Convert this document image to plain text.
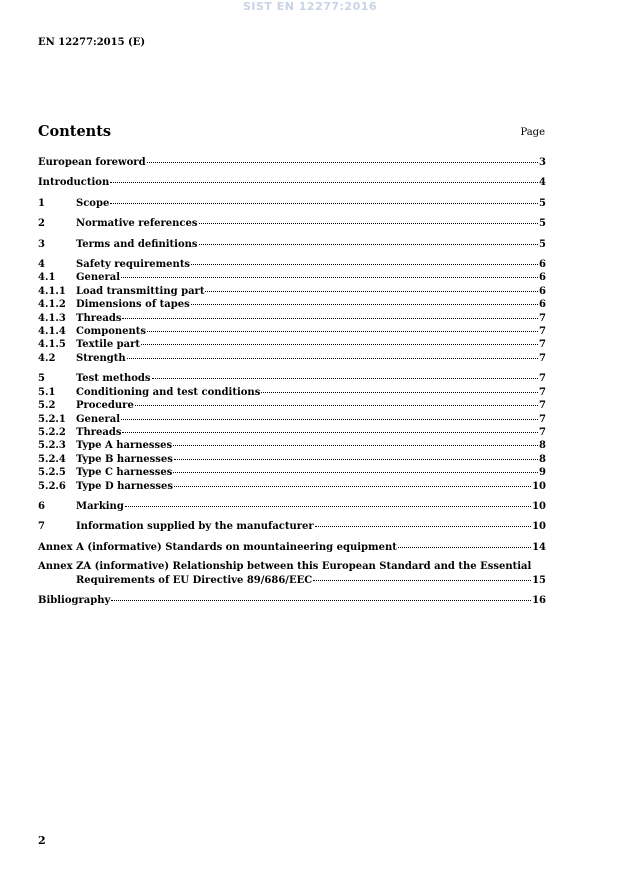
SIST EN 12277:2016
EN 12277:2015 (E)
Contents	Page
European foreword	3
Introduction	4
1	Scope	5
2	Normative references	5
3	Terms and definitions	5
4	Safety requirements	6
4.1	General	6
4.1.1	Load transmitting part	6
4.1.2	Dimensions of tapes	6
4.1.3	Threads	7
4.1.4	Components	7
4.1.5	Textile part	7
4.2	Strength	7
5	Test methods	7
5.1	Conditioning and test conditions	7
5.2	Procedure	7
5.2.1	General	7
5.2.2	Threads	7
5.2.3	Type A harnesses	8
5.2.4	Type B harnesses	8
5.2.5	Type C harnesses	9
5.2.6	Type D harnesses	10
6	Marking	10
7	Information supplied by the manufacturer	10
Annex A (informative) Standards on mountaineering equipment	14
Annex ZA (informative) Relationship between this European Standard and the Essential
Requirements of EU Directive 89/686/EEC	15
Bibliography	16
2
